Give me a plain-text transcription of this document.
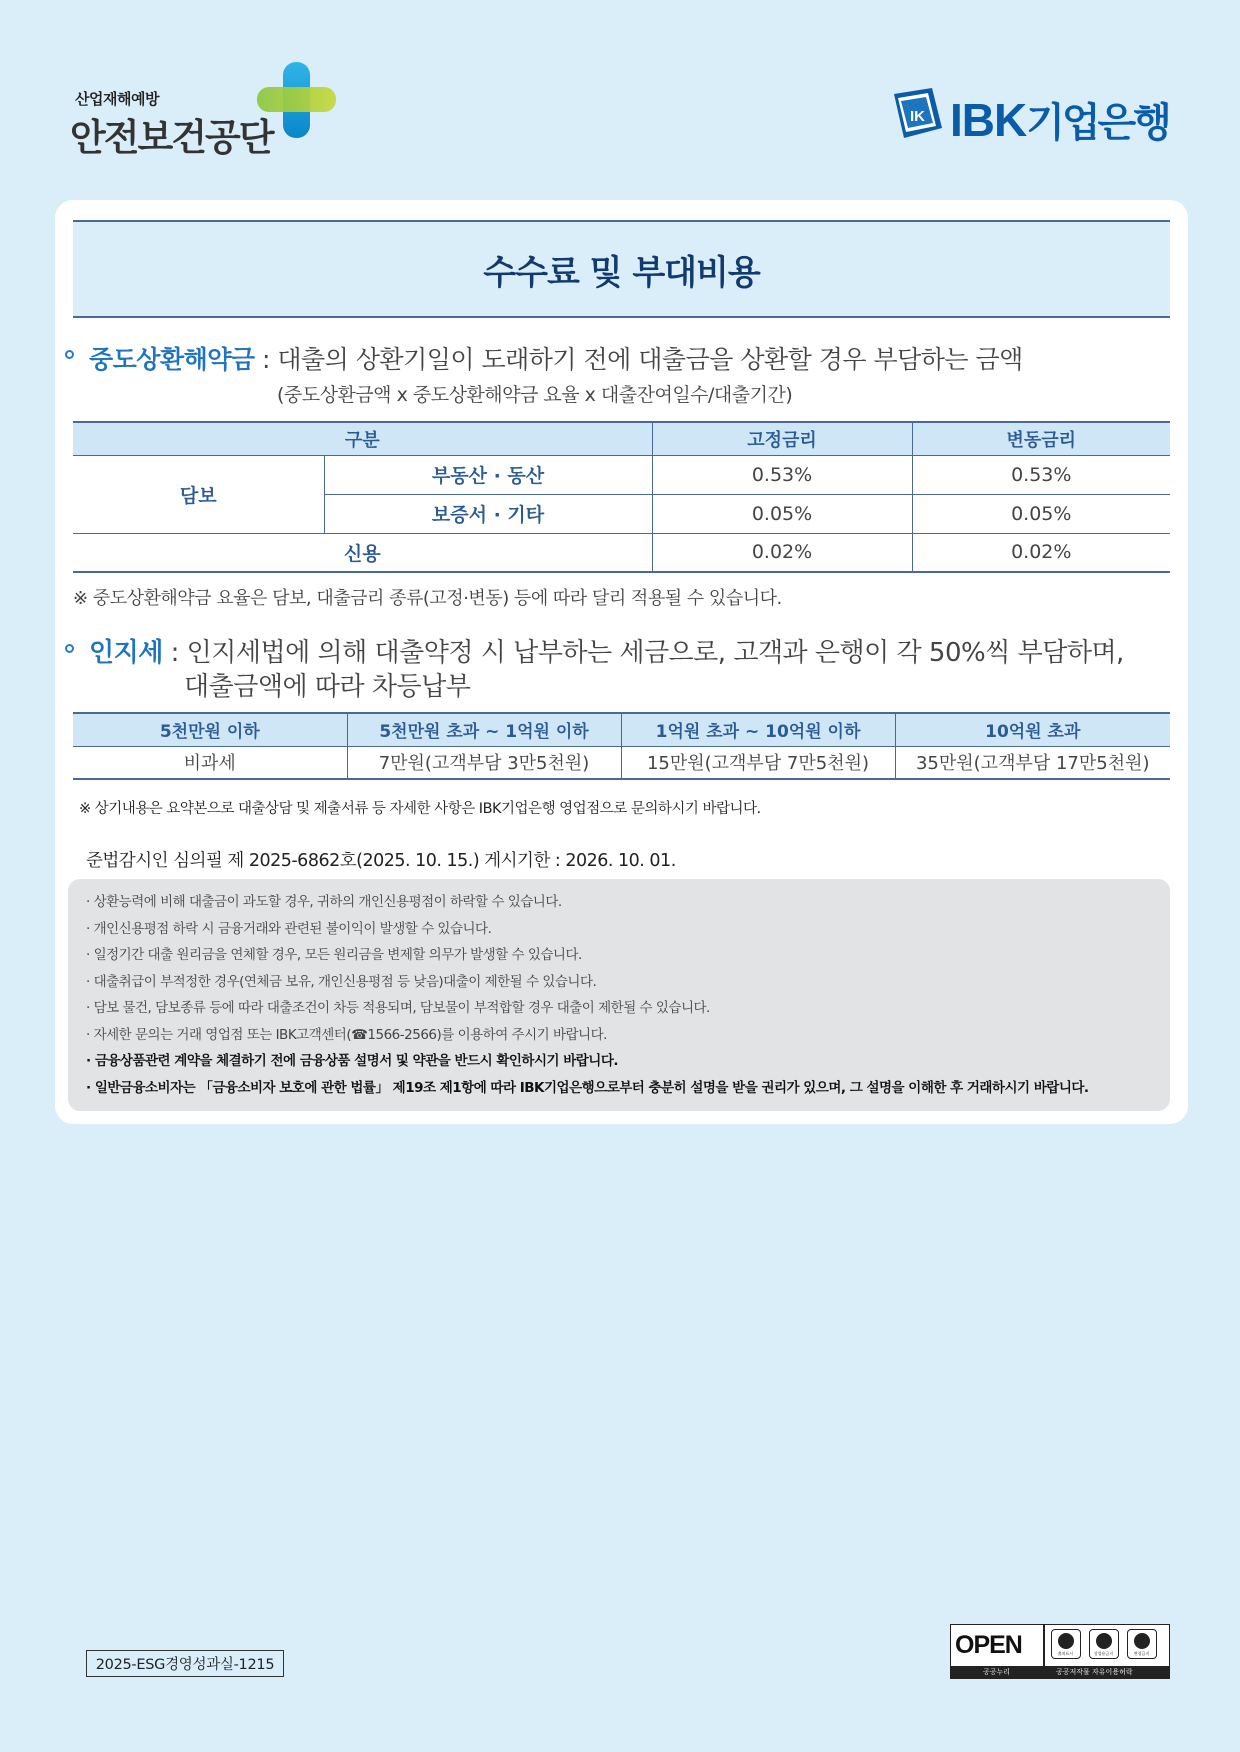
산업재해예방
안전보건공단	IK IBK기업은행
수수료 및 부대비용
중도상환해약금 : 대출의 상환기일이 도래하기 전에 대출금을 상환할 경우 부담하는 금액
(중도상환금액 x 중도상환해약금 요율 x 대출잔여일수/대출기간)
구분		고정금리	변동금리
담보	부동산 · 동산	0.53%	0.53%
	보증서 · 기타	0.05%	0.05%
신용		0.02%	0.02%
※ 중도상환해약금 요율은 담보, 대출금리 종류(고정·변동) 등에 따라 달리 적용될 수 있습니다.
인지세 : 인지세법에 의해 대출약정 시 납부하는 세금으로, 고객과 은행이 각 50%씩 부담하며,
대출금액에 따라 차등납부
5천만원 이하	5천만원 초과 ~ 1억원 이하	1억원 초과 ~ 10억원 이하	10억원 초과
비과세	7만원(고객부담 3만5천원)	15만원(고객부담 7만5천원)	35만원(고객부담 17만5천원)
※ 상기내용은 요약본으로 대출상담 및 제출서류 등 자세한 사항은 IBK기업은행 영업점으로 문의하시기 바랍니다.
준법감시인 심의필 제 2025-6862호(2025. 10. 15.) 게시기한 : 2026. 10. 01.
· 상환능력에 비해 대출금이 과도할 경우, 귀하의 개인신용평점이 하락할 수 있습니다.
· 개인신용평점 하락 시 금융거래와 관련된 불이익이 발생할 수 있습니다.
· 일정기간 대출 원리금을 연체할 경우, 모든 원리금을 변제할 의무가 발생할 수 있습니다.
· 대출취급이 부적정한 경우(연체금 보유, 개인신용평점 등 낮음)대출이 제한될 수 있습니다.
· 담보 물건, 담보종류 등에 따라 대출조건이 차등 적용되며, 담보물이 부적합할 경우 대출이 제한될 수 있습니다.
· 자세한 문의는 거래 영업점 또는 IBK고객센터(☎1566-2566)를 이용하여 주시기 바랍니다.
· 금융상품관련 계약을 체결하기 전에 금융상품 설명서 및 약관을 반드시 확인하시기 바랍니다.
· 일반금융소비자는 「금융소비자 보호에 관한 법률」 제19조 제1항에 따라 IBK기업은행으로부터 충분히 설명을 받을 권리가 있으며, 그 설명을 이해한 후 거래하시기 바랍니다.
2025-ESG경영성과실-1215
OPEN	출처표시	상업용금지	변경금지
공공누리	공공저작물 자유이용허락
